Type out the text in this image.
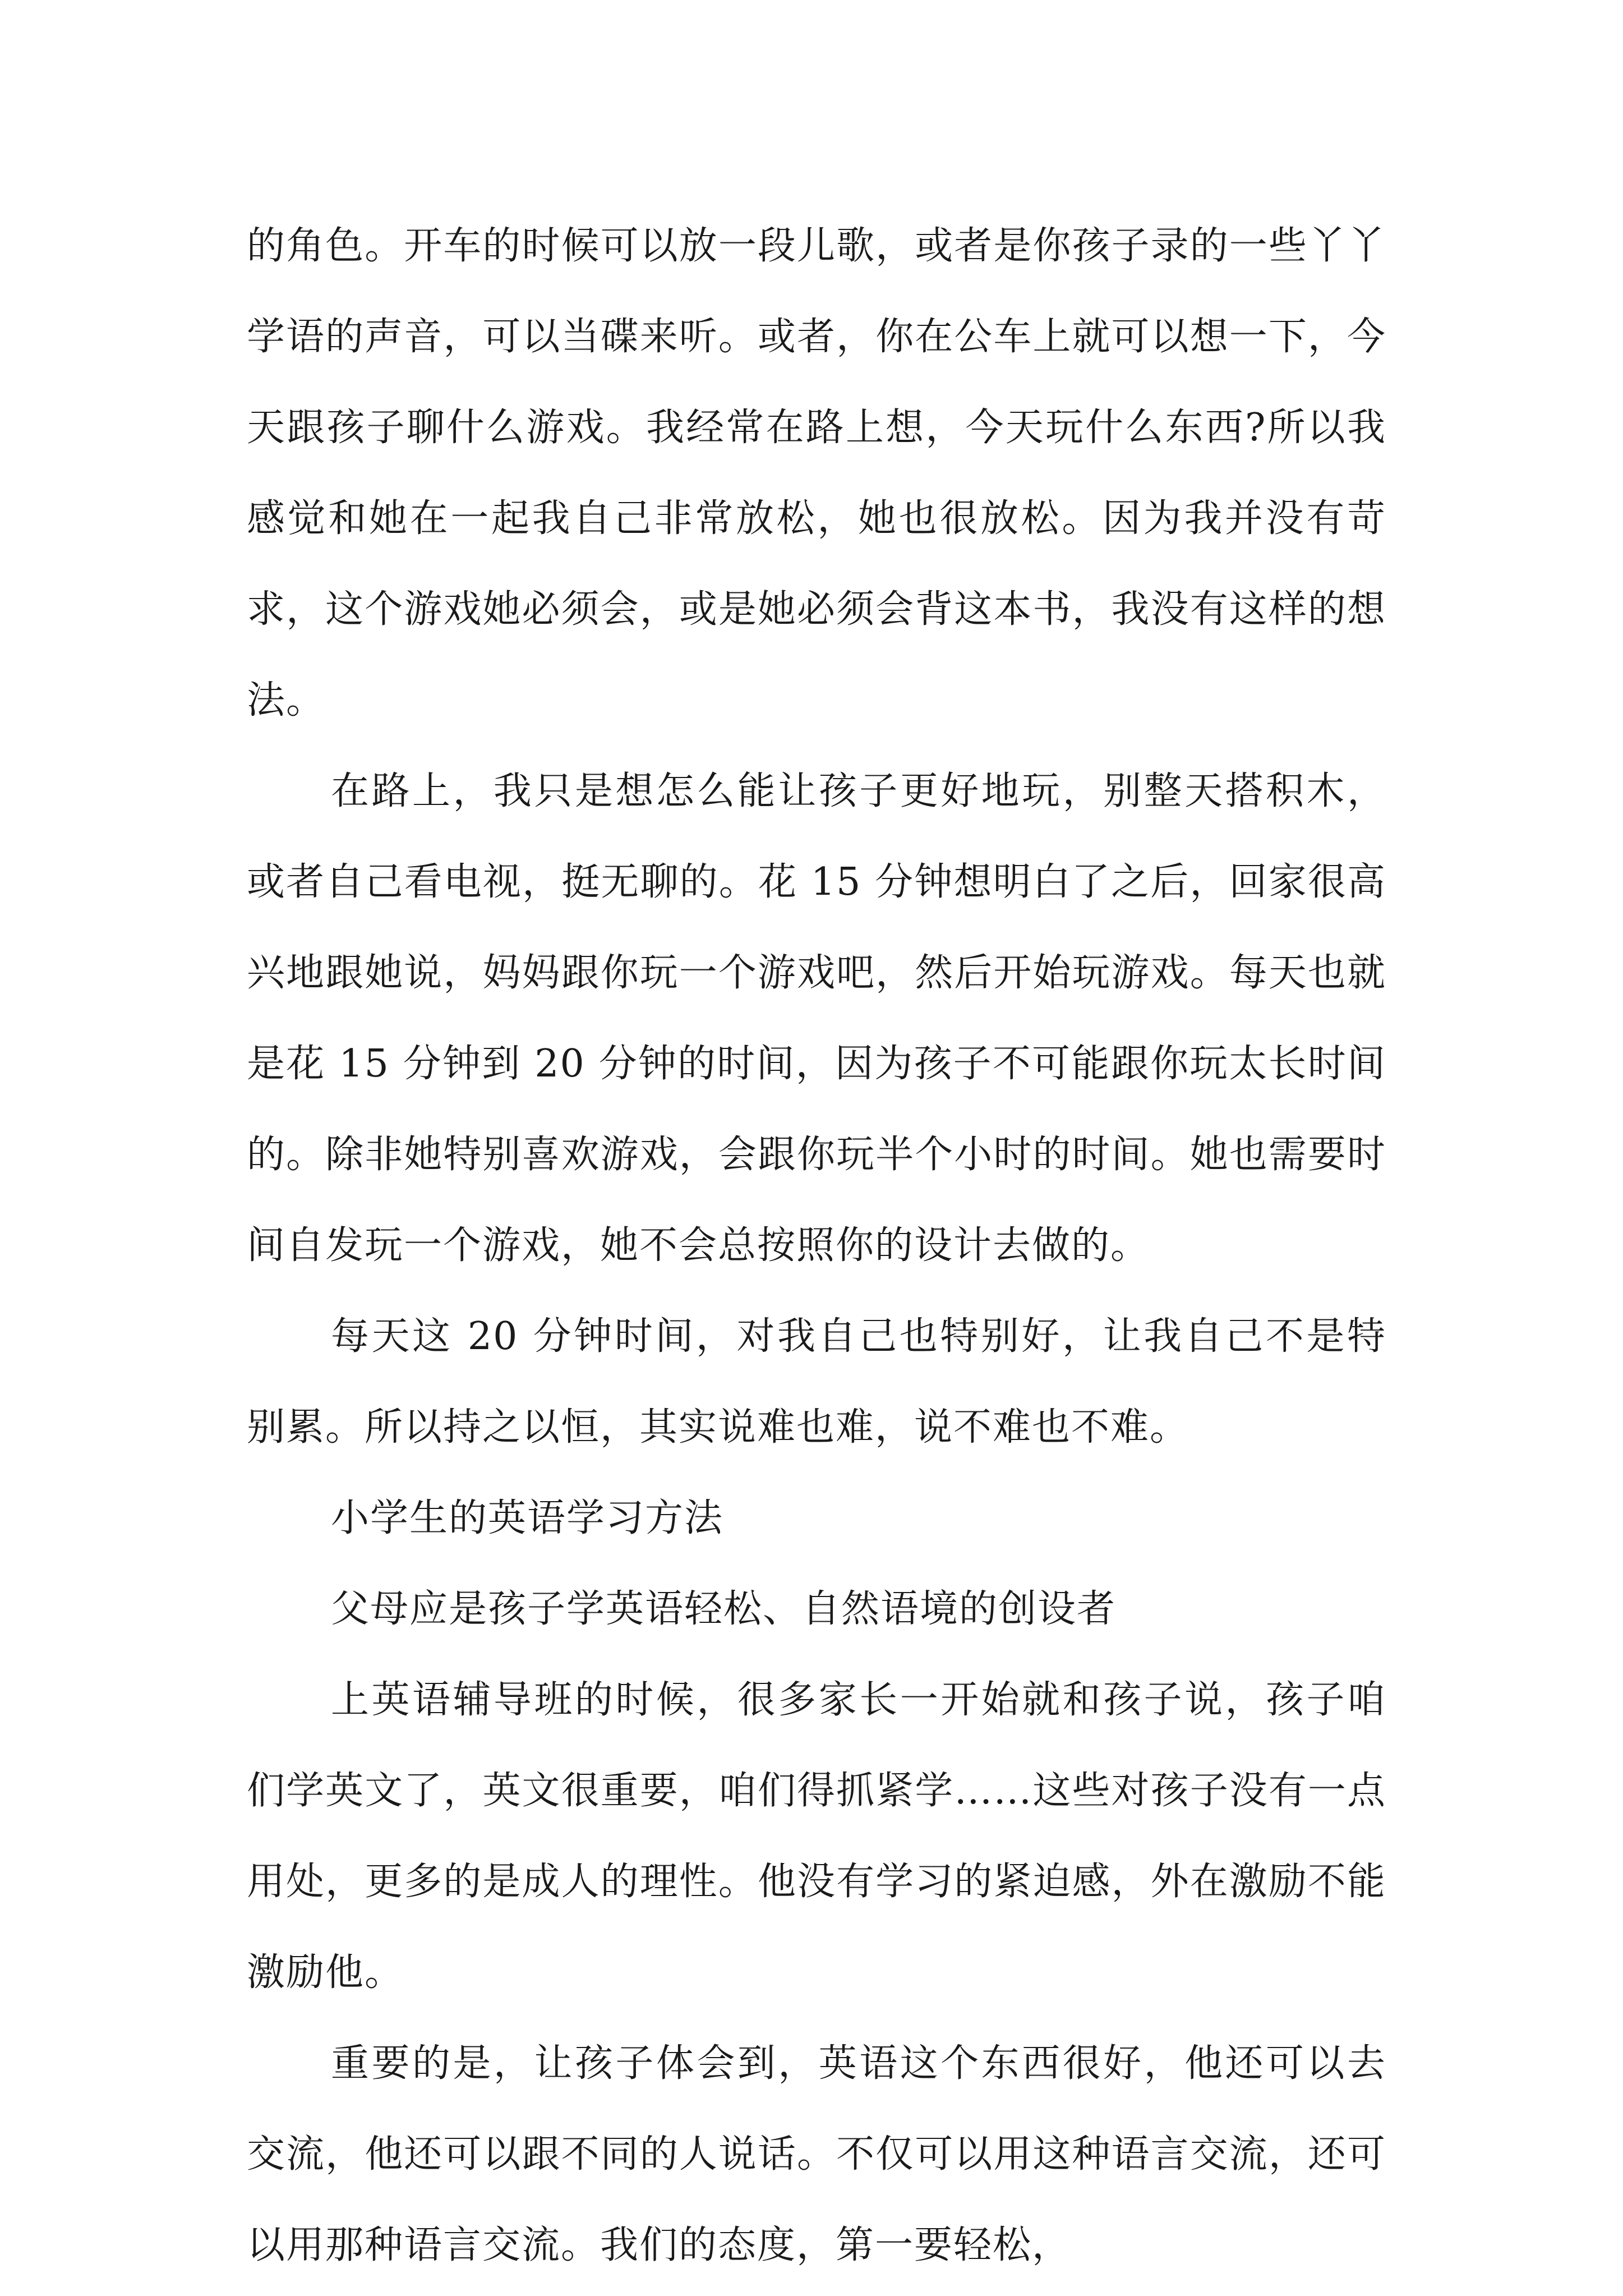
的角色。开车的时候可以放一段儿歌，或者是你孩子录的一些丫丫学语的声音，可以当碟来听。或者，你在公车上就可以想一下，今天跟孩子聊什么游戏。我经常在路上想，今天玩什么东西?所以我感觉和她在一起我自己非常放松，她也很放松。因为我并没有苛求，这个游戏她必须会，或是她必须会背这本书，我没有这样的想法。

在路上，我只是想怎么能让孩子更好地玩，别整天搭积木，或者自己看电视，挺无聊的。花 15 分钟想明白了之后，回家很高兴地跟她说，妈妈跟你玩一个游戏吧，然后开始玩游戏。每天也就是花 15 分钟到 20 分钟的时间，因为孩子不可能跟你玩太长时间的。除非她特别喜欢游戏，会跟你玩半个小时的时间。她也需要时间自发玩一个游戏，她不会总按照你的设计去做的。

每天这 20 分钟时间，对我自己也特别好，让我自己不是特别累。所以持之以恒，其实说难也难，说不难也不难。

小学生的英语学习方法

父母应是孩子学英语轻松、自然语境的创设者

上英语辅导班的时候，很多家长一开始就和孩子说，孩子咱们学英文了，英文很重要，咱们得抓紧学……这些对孩子没有一点用处，更多的是成人的理性。他没有学习的紧迫感，外在激励不能激励他。

重要的是，让孩子体会到，英语这个东西很好，他还可以去交流，他还可以跟不同的人说话。不仅可以用这种语言交流，还可以用那种语言交流。我们的态度，第一要轻松，
